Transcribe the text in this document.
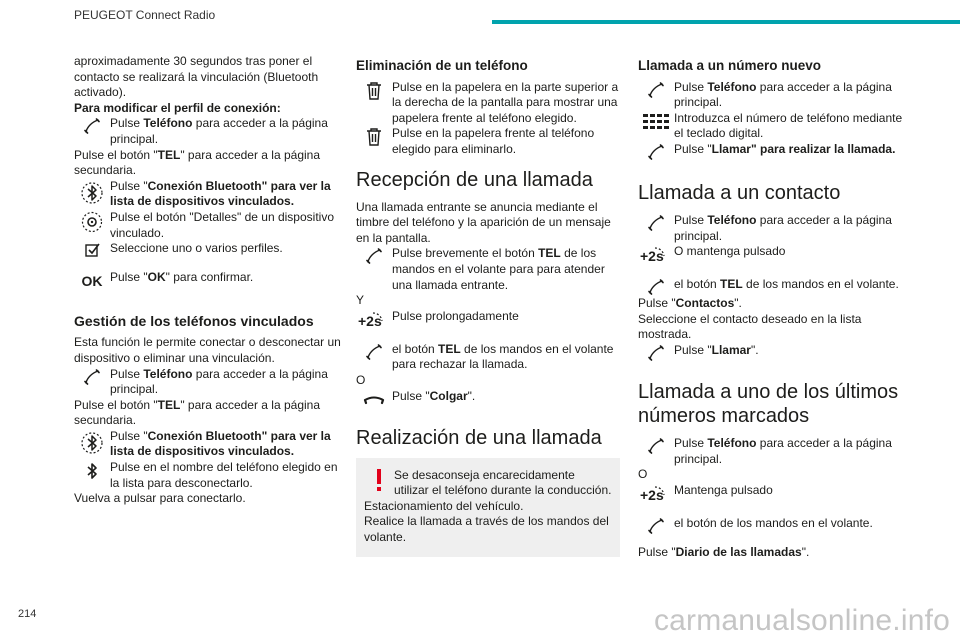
PEUGEOT Connect Radio

aproximadamente 30 segundos tras poner el contacto se realizará la vinculación (Bluetooth activado).

Para modificar el perfil de conexión:

Pulse Teléfono para acceder a la página principal.

Pulse el botón "TEL" para acceder a la página secundaria.

Pulse "Conexión Bluetooth" para ver la lista de dispositivos vinculados.

Pulse el botón "Detalles" de un dispositivo vinculado.

Seleccione uno o varios perfiles.

OK Pulse "OK" para confirmar.

Gestión de los teléfonos vinculados

Esta función le permite conectar o desconectar un dispositivo o eliminar una vinculación.

Pulse Teléfono para acceder a la página principal.

Pulse el botón "TEL" para acceder a la página secundaria.

Pulse "Conexión Bluetooth" para ver la lista de dispositivos vinculados.

Pulse en el nombre del teléfono elegido en la lista para desconectarlo.

Vuelva a pulsar para conectarlo.

Eliminación de un teléfono

Pulse en la papelera en la parte superior a la derecha de la pantalla para mostrar una papelera frente al teléfono elegido.

Pulse en la papelera frente al teléfono elegido para eliminarlo.

Recepción de una llamada

Una llamada entrante se anuncia mediante el timbre del teléfono y la aparición de un mensaje en la pantalla.

Pulse brevemente el botón TEL de los mandos en el volante para para atender una llamada entrante.

Y

+2s Pulse prolongadamente

el botón TEL de los mandos en el volante para rechazar la llamada.

O

Pulse "Colgar".

Realización de una llamada

Se desaconseja encarecidamente utilizar el teléfono durante la conducción.

Estacionamiento del vehículo.

Realice la llamada a través de los mandos del volante.

Llamada a un número nuevo

Pulse Teléfono para acceder a la página principal.

Introduzca el número de teléfono mediante el teclado digital.

Pulse "Llamar" para realizar la llamada.

Llamada a un contacto

Pulse Teléfono para acceder a la página principal.

+2s O mantenga pulsado

el botón TEL de los mandos en el volante.

Pulse "Contactos".

Seleccione el contacto deseado en la lista mostrada.

Pulse "Llamar".

Llamada a uno de los últimos números marcados

Pulse Teléfono para acceder a la página principal.

O

+2s Mantenga pulsado

el botón de los mandos en el volante.

Pulse "Diario de las llamadas".

214	carmanualsonline.info
